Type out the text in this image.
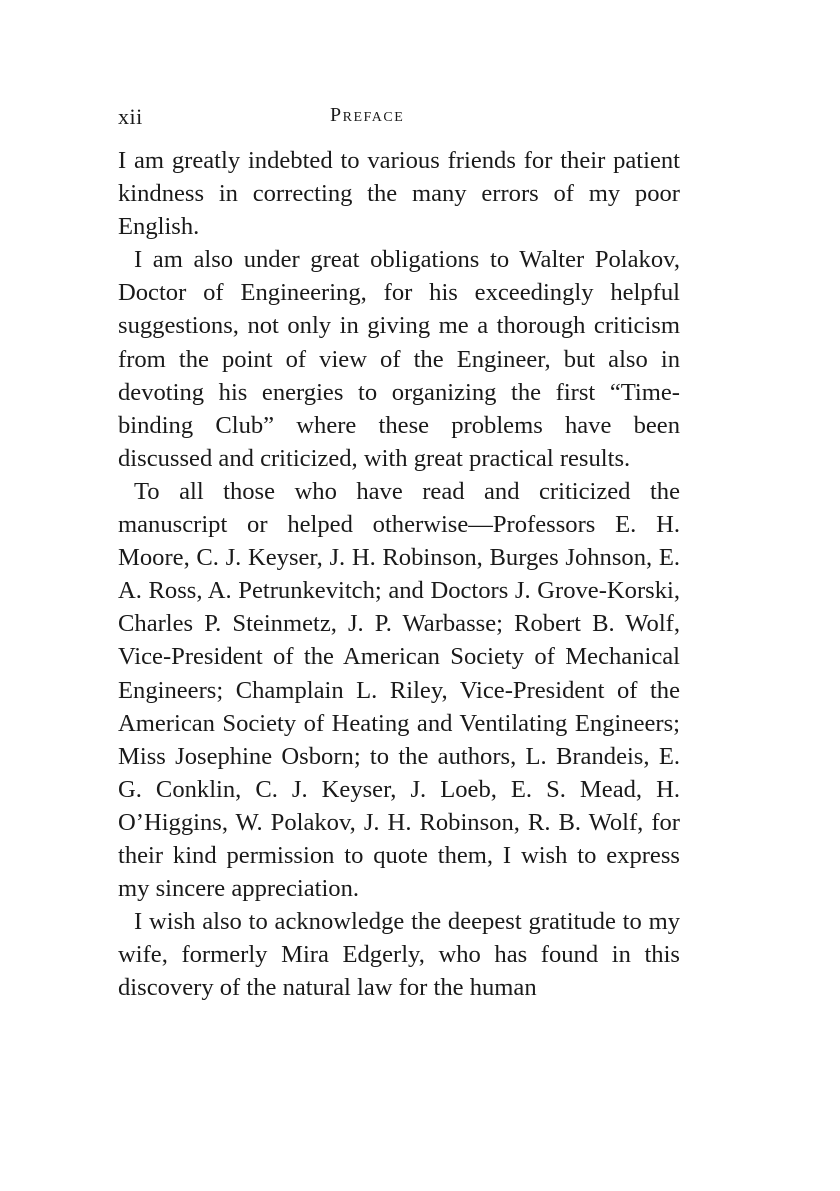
xii	Preface

I am greatly indebted to various friends for their patient kindness in correcting the many errors of my poor English.

I am also under great obligations to Walter Polakov, Doctor of Engineering, for his exceedingly helpful suggestions, not only in giving me a thorough criticism from the point of view of the Engineer, but also in devoting his energies to organizing the first “Time-binding Club” where these problems have been discussed and criticized, with great practical results.

To all those who have read and criticized the manuscript or helped otherwise—Professors E. H. Moore, C. J. Keyser, J. H. Robinson, Burges Johnson, E. A. Ross, A. Petrunkevitch; and Doctors J. Grove-Korski, Charles P. Steinmetz, J. P. Warbasse; Robert B. Wolf, Vice-President of the American Society of Mechanical Engineers; Champlain L. Riley, Vice-President of the American Society of Heating and Ventilating Engineers; Miss Josephine Osborn; to the authors, L. Brandeis, E. G. Conklin, C. J. Keyser, J. Loeb, E. S. Mead, H. O’Higgins, W. Polakov, J. H. Robinson, R. B. Wolf, for their kind permission to quote them, I wish to express my sincere appreciation.

I wish also to acknowledge the deepest gratitude to my wife, formerly Mira Edgerly, who has found in this discovery of the natural law for the human
